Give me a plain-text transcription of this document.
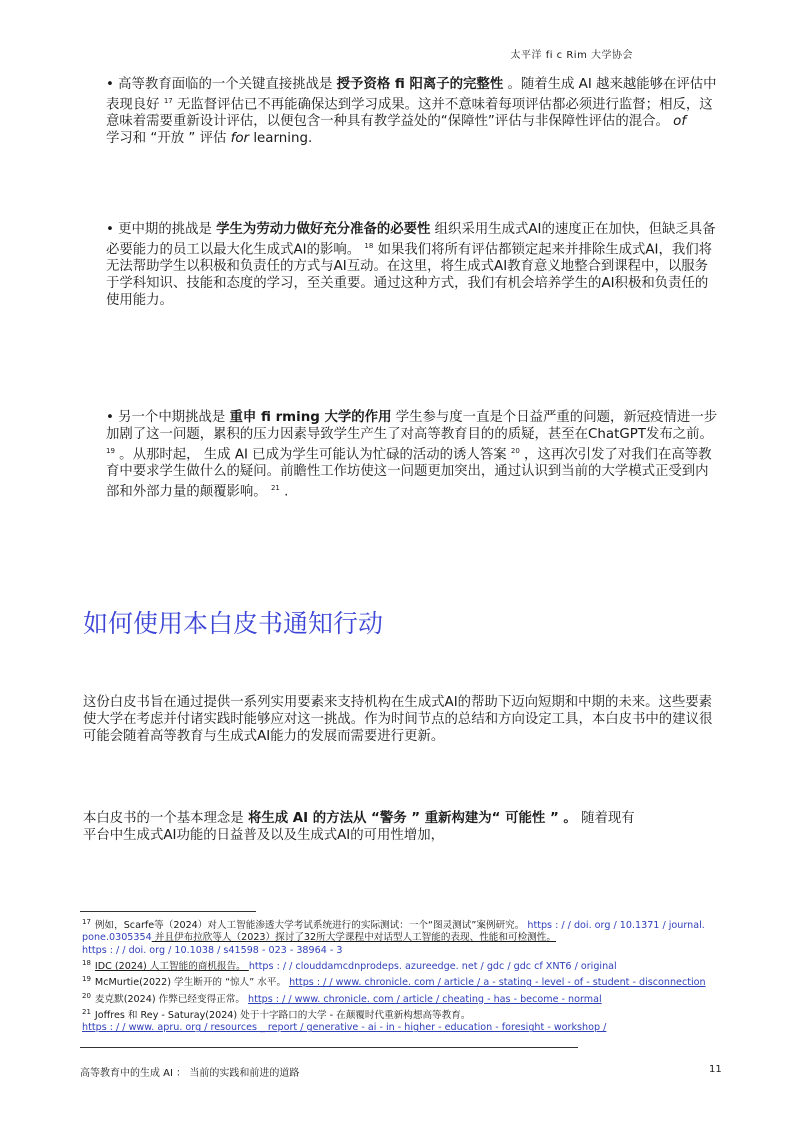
太平洋 fi c Rim 大学协会
• 高等教育面临的一个关键直接挑战是 授予资格 fi 阳离子的完整性 。随着生成 AI 越来越能够在评估中表现良好 $^{17}$ 无监督评估已不再能确保达到学习成果。这并不意味着每项评估都必须进行监督；相反，这意味着需要重新设计评估，以便包含一种具有教学益处的“保障性”评估与非保障性评估的混合。 of
学习和 “开放 ” 评估 for learning.
• 更中期的挑战是 学生为劳动力做好充分准备的必要性 组织采用生成式AI的速度正在加快，但缺乏具备必要能力的员工以最大化生成式AI的影响。 $^{18}$ 如果我们将所有评估都锁定起来并排除生成式AI，我们将无法帮助学生以积极和负责任的方式与AI互动。在这里，将生成式AI教育意义地整合到课程中，以服务于学科知识、技能和态度的学习，至关重要。通过这种方式，我们有机会培养学生的AI积极和负责任的使用能力。
• 另一个中期挑战是 重申 fi rming 大学的作用 学生参与度一直是个日益严重的问题，新冠疫情进一步加剧了这一问题，累积的压力因素导致学生产生了对高等教育目的的质疑，甚至在ChatGPT发布之前。 $^{19}$ 。从那时起， 生成 AI 已成为学生可能认为忙碌的活动的诱人答案 $^{20}$ ，这再次引发了对我们在高等教育中要求学生做什么的疑问。前瞻性工作坊使这一问题更加突出，通过认识到当前的大学模式正受到内部和外部力量的颠覆影响。 $^{21}$ .
如何使用本白皮书通知行动
这份白皮书旨在通过提供一系列实用要素来支持机构在生成式AI的帮助下迈向短期和中期的未来。这些要素使大学在考虑并付诸实践时能够应对这一挑战。作为时间节点的总结和方向设定工具，本白皮书中的建议很可能会随着高等教育与生成式AI能力的发展而需要进行更新。
本白皮书的一个基本理念是 将生成 AI 的方法从 “警务 ” 重新构建为“ 可能性 ” 。 随着现有
平台中生成式AI功能的日益普及以及生成式AI的可用性增加，

$^{17}$ 例如，Scarfe等（2024）对人工智能渗透大学考试系统进行的实际测试：一个“图灵测试”案例研究。 https : / / doi. org / 10.1371 / journal. pone.0305354 并且伊布拉欣等人（2023）探讨了32所大学课程中对话型人工智能的表现、性能和可检测性。
https : / / doi. org / 10.1038 / s41598 - 023 - 38964 - 3

$^{18}$ IDC (2024) 人工智能的商机报告。 https : / / clouddamcdnprodeps. azureedge. net / gdc / gdc cf XNT6 / original

$^{19}$ McMurtie(2022) 学生断开的 “惊人” 水平。 https : / / www. chronicle. com / article / a - stating - level - of - student - disconnection

$^{20}$ 麦克默(2024) 作弊已经变得正常。 https : / / www. chronicle. com / article / cheating - has - become - normal

$^{21}$ Joffres 和 Rey - Saturay(2024) 处于十字路口的大学 - 在颠覆时代重新构想高等教育。
https : / / www. apru. org / resources _ report / generative - ai - in - higher - education - foresight - workshop /

高等教育中的生成 AI ： 当前的实践和前进的道路	11
